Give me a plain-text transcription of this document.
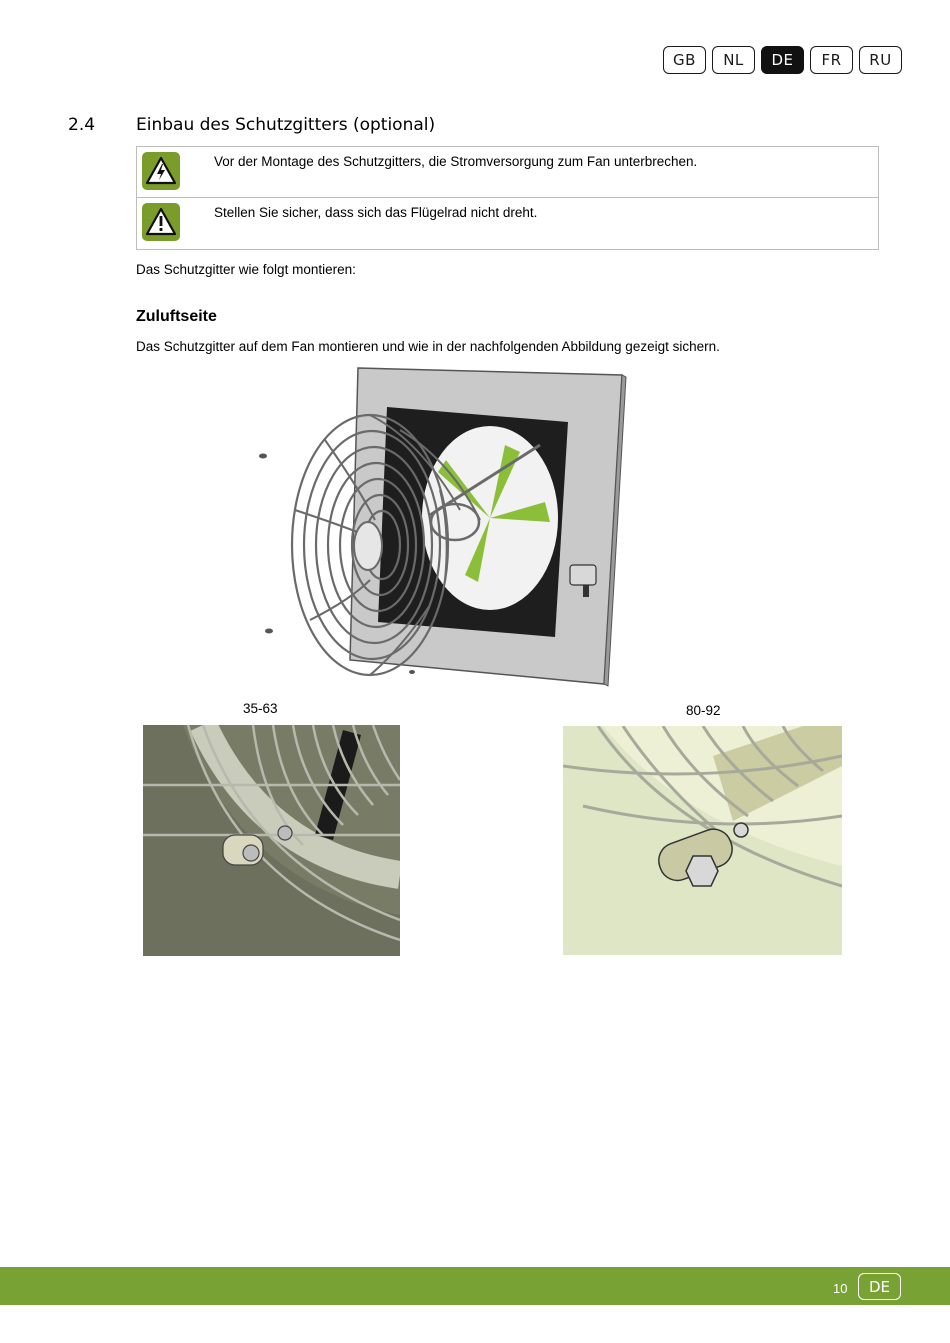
GB	NL	DE	FR	RU
2.4 Einbau des Schutzgitters (optional)
Vor der Montage des Schutzgitters, die Stromversorgung zum Fan unterbrechen.
Stellen Sie sicher, dass sich das Flügelrad nicht dreht.
Das Schutzgitter wie folgt montieren:
Zuluftseite
Das Schutzgitter auf dem Fan montieren und wie in der nachfolgenden Abbildung gezeigt sichern.
35-63	80-92
10	DE
